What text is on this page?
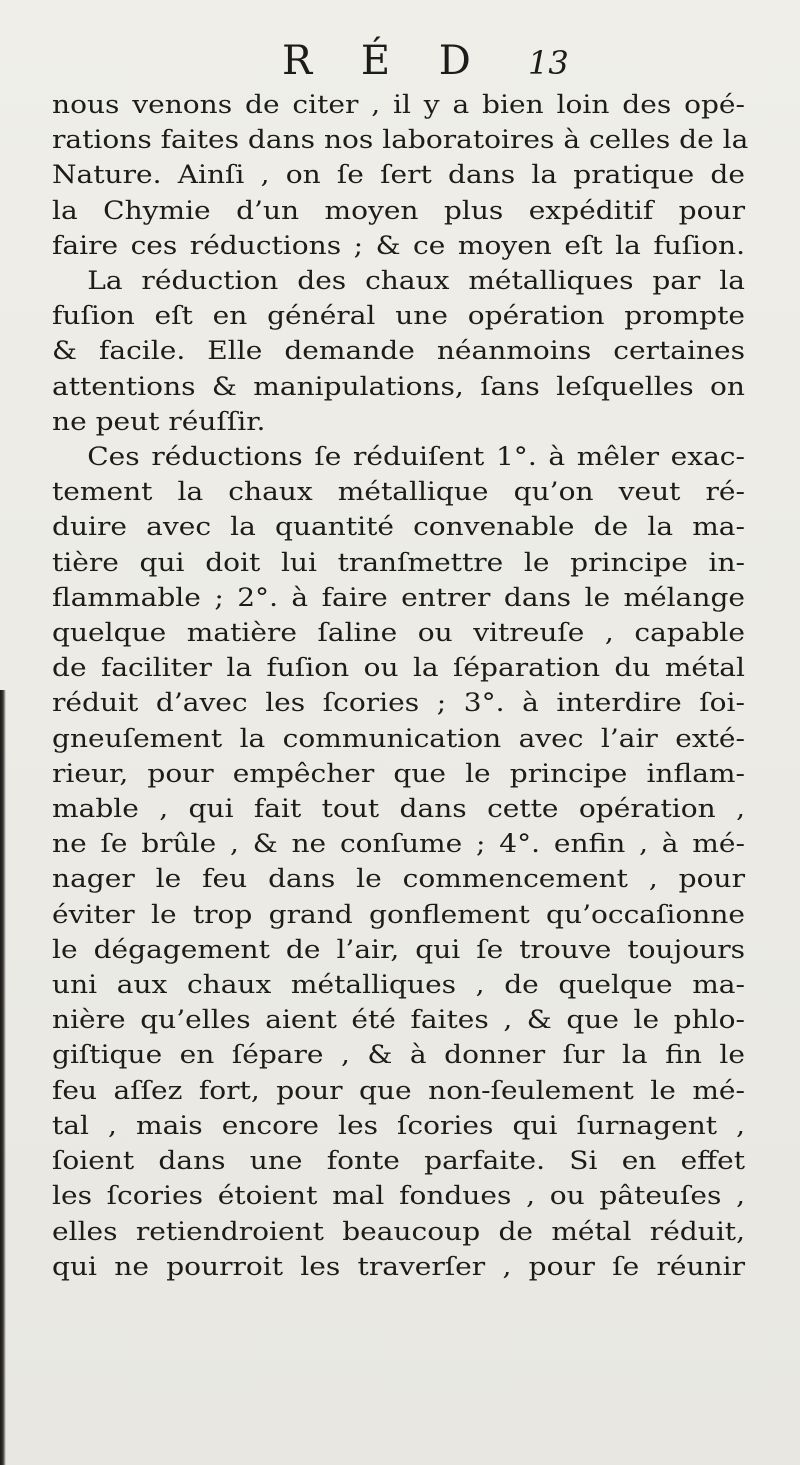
R É D 13
nous venons de citer , il y a bien loin des opé-
rations faites dans nos laboratoires à celles de la
Nature. Ainſi , on ſe ſert dans la pratique de
la Chymie d’un moyen plus expéditif pour
faire ces réductions ; & ce moyen eſt la fuſion.
La réduction des chaux métalliques par la
fuſion eſt en général une opération prompte
& facile. Elle demande néanmoins certaines
attentions & manipulations, ſans leſquelles on
ne peut réuſſir.
Ces réductions ſe réduiſent 1°. à mêler exac-
tement la chaux métallique qu’on veut ré-
duire avec la quantité convenable de la ma-
tière qui doit lui tranſmettre le principe in-
flammable ; 2°. à faire entrer dans le mélange
quelque matière ſaline ou vitreuſe , capable
de faciliter la fuſion ou la ſéparation du métal
réduit d’avec les ſcories ; 3°. à interdire ſoi-
gneuſement la communication avec l’air exté-
rieur, pour empêcher que le principe inflam-
mable , qui fait tout dans cette opération ,
ne ſe brûle , & ne conſume ; 4°. enfin , à mé-
nager le feu dans le commencement , pour
éviter le trop grand gonflement qu’occaſionne
le dégagement de l’air, qui ſe trouve toujours
uni aux chaux métalliques , de quelque ma-
nière qu’elles aient été faites , & que le phlo-
giſtique en ſépare , & à donner ſur la fin le
feu aſſez fort, pour que non-ſeulement le mé-
tal , mais encore les ſcories qui ſurnagent ,
ſoient dans une fonte parfaite. Si en effet
les ſcories étoient mal fondues , ou pâteuſes ,
elles retiendroient beaucoup de métal réduit,
qui ne pourroit les traverſer , pour ſe réunir
